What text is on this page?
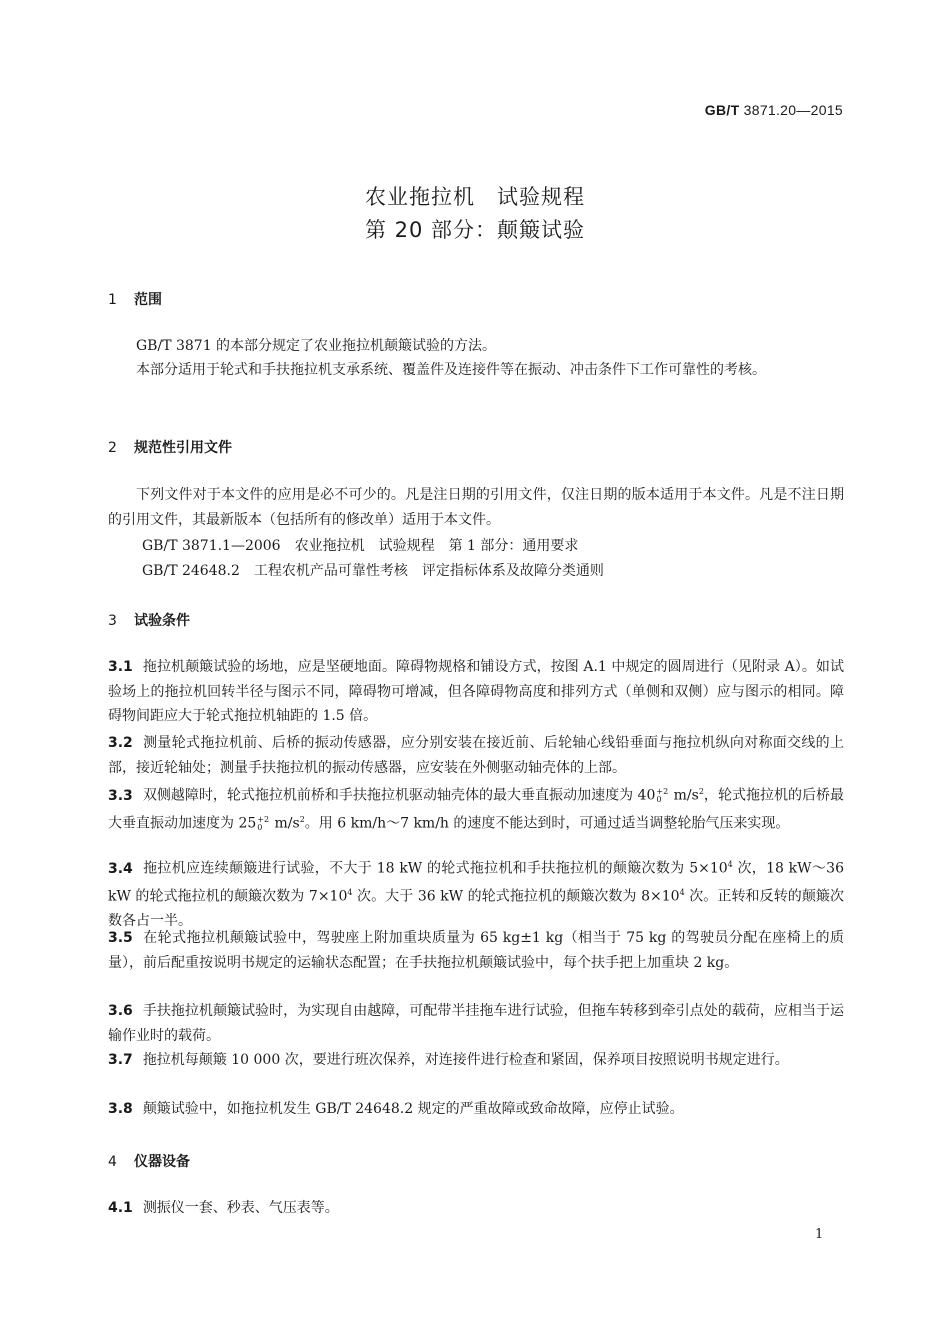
GB/T 3871.20—2015
农业拖拉机　试验规程
第 20 部分：颠簸试验
1 范围
GB/T 3871 的本部分规定了农业拖拉机颠簸试验的方法。
本部分适用于轮式和手扶拖拉机支承系统、覆盖件及连接件等在振动、冲击条件下工作可靠性的考核。
2 规范性引用文件
下列文件对于本文件的应用是必不可少的。凡是注日期的引用文件，仅注日期的版本适用于本文件。凡是不注日期的引用文件，其最新版本（包括所有的修改单）适用于本文件。
GB/T 3871.1—2006　农业拖拉机　试验规程　第 1 部分：通用要求
GB/T 24648.2　工程农机产品可靠性考核　评定指标体系及故障分类通则
3 试验条件
3.1 拖拉机颠簸试验的场地，应是坚硬地面。障碍物规格和铺设方式，按图 A.1 中规定的圆周进行（见附录 A）。如试验场上的拖拉机回转半径与图示不同，障碍物可增减，但各障碍物高度和排列方式（单侧和双侧）应与图示的相同。障碍物间距应大于轮式拖拉机轴距的 1.5 倍。
3.2 测量轮式拖拉机前、后桥的振动传感器，应分别安装在接近前、后轮轴心线铅垂面与拖拉机纵向对称面交线的上部，接近轮轴处；测量手扶拖拉机的振动传感器，应安装在外侧驱动轴壳体的上部。
3.3 双侧越障时，轮式拖拉机前桥和手扶拖拉机驱动轴壳体的最大垂直振动加速度为 40 +2
0 $m/s^2$，轮式拖拉机的后桥最大垂直振动加速度为 25 +2
0 $m/s^2$。用 6 km/h～7 km/h 的速度不能达到时，可通过适当调整轮胎气压来实现。
3.4 拖拉机应连续颠簸进行试验，不大于 18 kW 的轮式拖拉机和手扶拖拉机的颠簸次数为 $5\times 10^4$ 次，18 kW～36 kW 的轮式拖拉机的颠簸次数为 $7\times 10^4$ 次。大于 36 kW 的轮式拖拉机的颠簸次数为 $8\times 10^4$ 次。正转和反转的颠簸次数各占一半。
3.5 在轮式拖拉机颠簸试验中，驾驶座上附加重块质量为 65 kg±1 kg（相当于 75 kg 的驾驶员分配在座椅上的质量），前后配重按说明书规定的运输状态配置；在手扶拖拉机颠簸试验中，每个扶手把上加重块 2 kg。
3.6 手扶拖拉机颠簸试验时，为实现自由越障，可配带半挂拖车进行试验，但拖车转移到牵引点处的载荷，应相当于运输作业时的载荷。
3.7 拖拉机每颠簸 10 000 次，要进行班次保养，对连接件进行检查和紧固，保养项目按照说明书规定进行。
3.8 颠簸试验中，如拖拉机发生 GB/T 24648.2 规定的严重故障或致命故障，应停止试验。
4 仪器设备
4.1 测振仪一套、秒表、气压表等。
1
